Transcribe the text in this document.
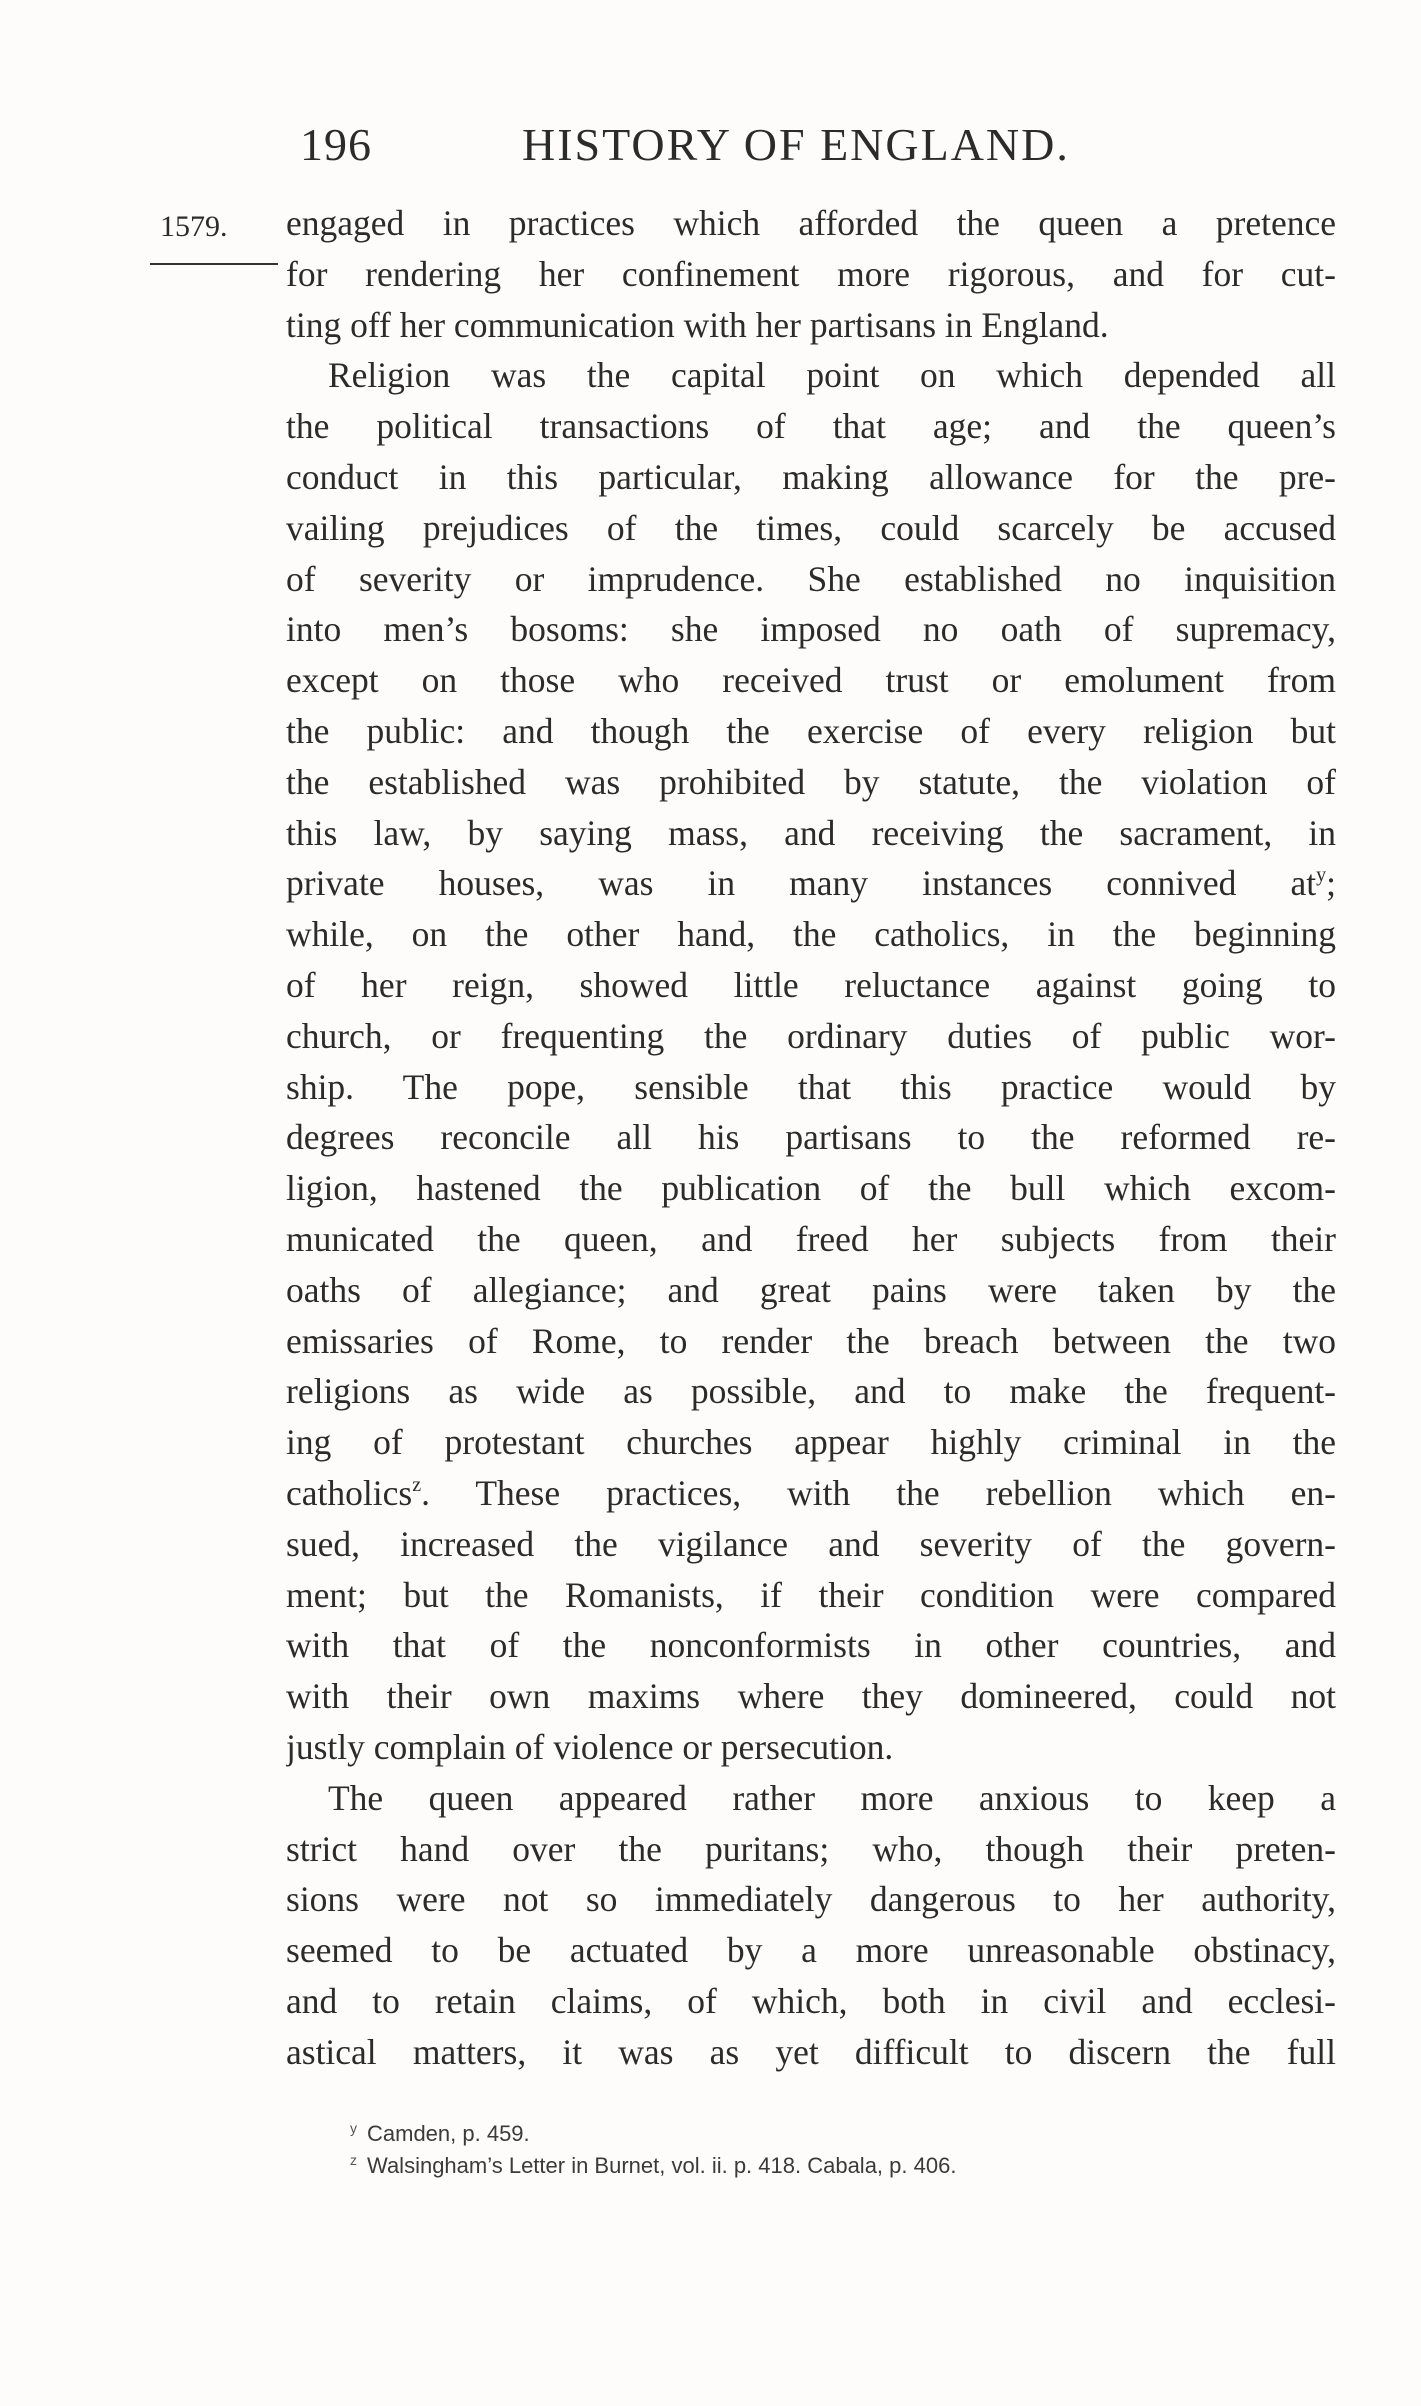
196	HISTORY OF ENGLAND.
1579. engaged in practices which afforded the queen a pretence
for rendering her confinement more rigorous, and for cut-
ting off her communication with her partisans in England.
Religion was the capital point on which depended all
the political transactions of that age; and the queen’s
conduct in this particular, making allowance for the pre-
vailing prejudices of the times, could scarcely be accused
of severity or imprudence. She established no inquisition
into men’s bosoms: she imposed no oath of supremacy,
except on those who received trust or emolument from
the public: and though the exercise of every religion but
the established was prohibited by statute, the violation of
this law, by saying mass, and receiving the sacrament, in
private houses, was in many instances connived at$^y$;
while, on the other hand, the catholics, in the beginning
of her reign, showed little reluctance against going to
church, or frequenting the ordinary duties of public wor-
ship. The pope, sensible that this practice would by
degrees reconcile all his partisans to the reformed re-
ligion, hastened the publication of the bull which excom-
municated the queen, and freed her subjects from their
oaths of allegiance; and great pains were taken by the
emissaries of Rome, to render the breach between the two
religions as wide as possible, and to make the frequent-
ing of protestant churches appear highly criminal in the
catholics$^z$. These practices, with the rebellion which en-
sued, increased the vigilance and severity of the govern-
ment; but the Romanists, if their condition were compared
with that of the nonconformists in other countries, and
with their own maxims where they domineered, could not
justly complain of violence or persecution.
The queen appeared rather more anxious to keep a
strict hand over the puritans; who, though their preten-
sions were not so immediately dangerous to her authority,
seemed to be actuated by a more unreasonable obstinacy,
and to retain claims, of which, both in civil and ecclesi-
astical matters, it was as yet difficult to discern the full
$^y$ Camden, p. 459.
$^z$ Walsingham’s Letter in Burnet, vol. ii. p. 418. Cabala, p. 406.
